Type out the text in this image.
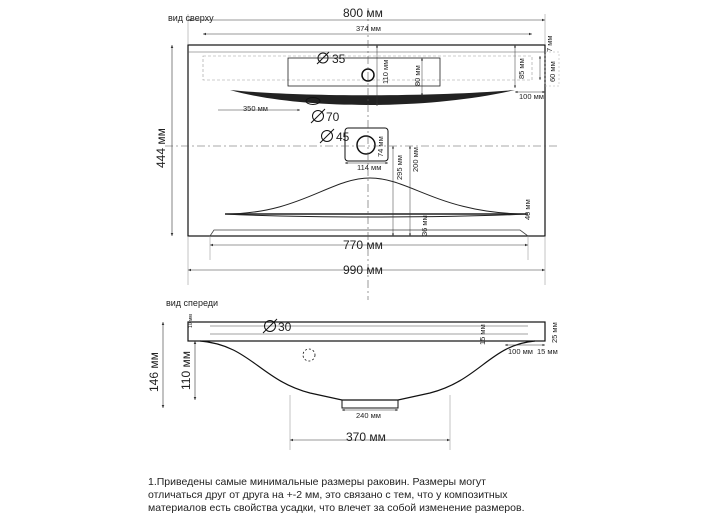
вид сверху	800 мм
374 мм
35
110 мм	80 мм	85 мм	60 мм
7 мм
350 мм
70
100 мм
444 мм	45	74 мм
114 мм 295 мм 200 мм
40 мм
36 мм
770 мм
990 мм
вид спереди
30
10 мм
15 мм	25 мм
100 мм 15 мм
146 мм 110 мм
240 мм
370 мм
1.Приведены самые минимальные размеры раковин. Размеры могут
отличаться друг от друга на +-2 мм, это связано с тем, что у композитных
материалов есть свойства усадки, что влечет за собой изменение размеров.
